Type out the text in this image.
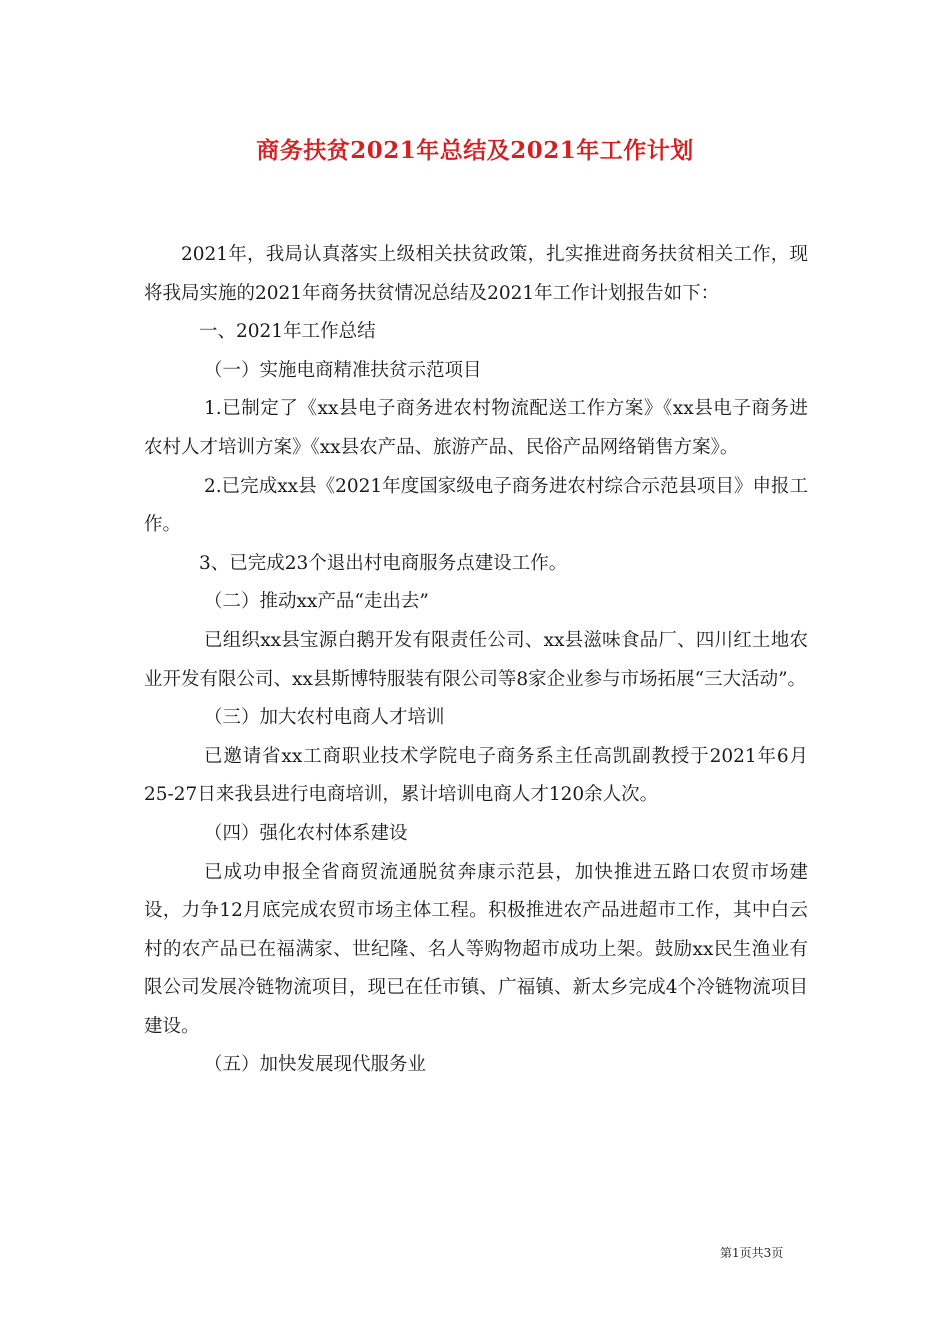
商务扶贫2021年总结及2021年工作计划

2021年，我局认真落实上级相关扶贫政策，扎实推进商务扶贫相关工作，现将我局实施的2021年商务扶贫情况总结及2021年工作计划报告如下：

一、2021年工作总结

（一）实施电商精准扶贫示范项目

1.已制定了《xx县电子商务进农村物流配送工作方案》《xx县电子商务进农村人才培训方案》《xx县农产品、旅游产品、民俗产品网络销售方案》。

2.已完成xx县《2021年度国家级电子商务进农村综合示范县项目》申报工作。

3、已完成23个退出村电商服务点建设工作。

（二）推动xx产品“走出去”

已组织xx县宝源白鹅开发有限责任公司、xx县滋味食品厂、四川红土地农业开发有限公司、xx县斯博特服装有限公司等8家企业参与市场拓展“三大活动”。

（三）加大农村电商人才培训

已邀请省xx工商职业技术学院电子商务系主任高凯副教授于2021年6月25-27日来我县进行电商培训，累计培训电商人才120余人次。

（四）强化农村体系建设

已成功申报全省商贸流通脱贫奔康示范县，加快推进五路口农贸市场建设，力争12月底完成农贸市场主体工程。积极推进农产品进超市工作，其中白云村的农产品已在福满家、世纪隆、名人等购物超市成功上架。鼓励xx民生渔业有限公司发展冷链物流项目，现已在任市镇、广福镇、新太乡完成4个冷链物流项目建设。

（五）加快发展现代服务业

第1页共3页
